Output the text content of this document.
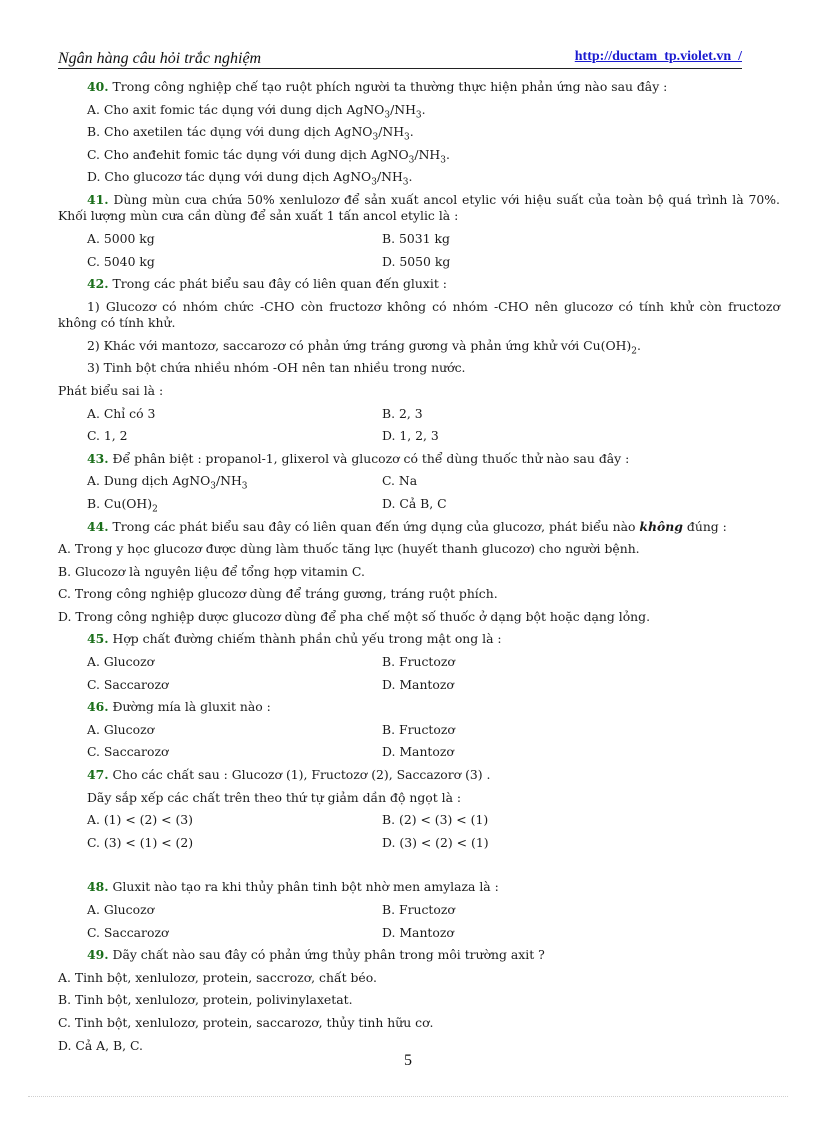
Ngân hàng câu hỏi trắc nghiệm	http://ductam_tp.violet.vn_/
40. Trong công nghiệp chế tạo ruột phích người ta thường thực hiện phản ứng nào sau đây :
A. Cho axit fomic tác dụng với dung dịch $AgNO_3/NH_3$.
B. Cho axetilen tác dụng với dung dịch $AgNO_3/NH_3$.
C. Cho anđehit fomic tác dụng với dung dịch $AgNO_3/NH_3$.
D. Cho glucozơ tác dụng với dung dịch $AgNO_3/NH_3$.
41. Dùng mùn cưa chứa 50% xenlulozơ để sản xuất ancol etylic với hiệu suất của toàn bộ quá trình là 70%. Khối lượng mùn cưa cần dùng để sản xuất 1 tấn ancol etylic là :
A. 5000 kg	B. 5031 kg
C. 5040 kg	D. 5050 kg
42. Trong các phát biểu sau đây có liên quan đến gluxit :
1) Glucozơ có nhóm chức -CHO còn fructozơ không có nhóm -CHO nên glucozơ có tính khử còn fructozơ không có tính khử.
2) Khác với mantozơ, saccarozơ có phản ứng tráng gương và phản ứng khử với $Cu(OH)_2$.
3) Tinh bột chứa nhiều nhóm -OH nên tan nhiều trong nước.
Phát biểu sai là :
A. Chỉ có 3	B. 2, 3
C. 1, 2	D. 1, 2, 3
43. Để phân biệt : propanol-1, glixerol và glucozơ có thể dùng thuốc thử nào sau đây :
A. Dung dịch $AgNO_3/NH_3$	C. Na
B. $Cu(OH)_2$	D. Cả B, C
44. Trong các phát biểu sau đây có liên quan đến ứng dụng của glucozơ, phát biểu nào không đúng :
A. Trong y học glucozơ được dùng làm thuốc tăng lực (huyết thanh glucozơ) cho người bệnh.
B. Glucozơ là nguyên liệu để tổng hợp vitamin C.
C. Trong công nghiệp glucozơ dùng để tráng gương, tráng ruột phích.
D. Trong công nghiệp dược glucozơ dùng để pha chế một số thuốc ở dạng bột hoặc dạng lỏng.
45. Hợp chất đường chiếm thành phần chủ yếu trong mật ong là :
A. Glucozơ	B. Fructozơ
C. Saccarozơ	D. Mantozơ
46. Đường mía là gluxit nào :
A. Glucozơ	B. Fructozơ
C. Saccarozơ	D. Mantozơ
47. Cho các chất sau : Glucozơ (1), Fructozơ (2), Saccazorơ (3) .
Dãy sắp xếp các chất trên theo thứ tự giảm dần độ ngọt là :
A. (1) < (2) < (3)	B. (2) < (3) < (1)
C. (3) < (1) < (2)	D. (3) < (2) < (1)
48. Gluxit nào tạo ra khi thủy phân tinh bột nhờ men amylaza là :
A. Glucozơ	B. Fructozơ
C. Saccarozơ	D. Mantozơ
49. Dãy chất nào sau đây có phản ứng thủy phân trong môi trường axit ?
A. Tinh bột, xenlulozơ, protein, saccrozơ, chất béo.
B. Tinh bột, xenlulozơ, protein, polivinylaxetat.
C. Tinh bột, xenlulozơ, protein, saccarozơ, thủy tinh hữu cơ.
D. Cả A, B, C.
5
